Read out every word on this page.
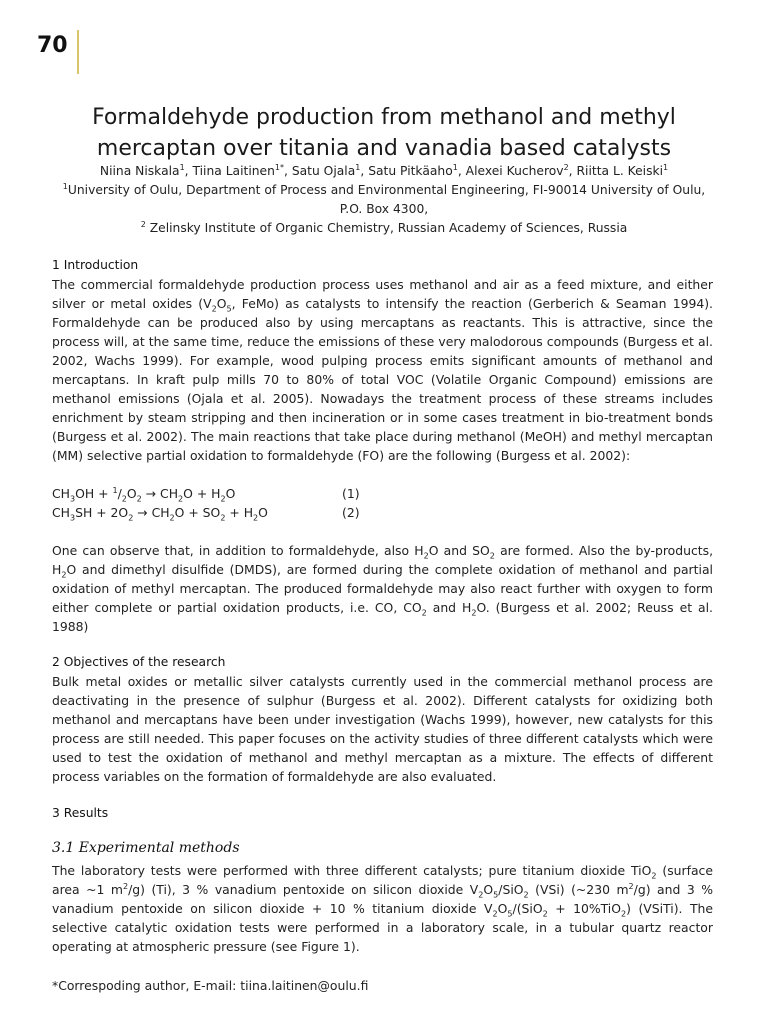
70
Formaldehyde production from methanol and methyl
mercaptan over titania and vanadia based catalysts
Niina Niskala$^1$, Tiina Laitinen$^{1*}$, Satu Ojala$^1$, Satu Pitkäaho$^1$, Alexei Kucherov$^2$, Riitta L. Keiski$^1$
$^1$University of Oulu, Department of Process and Environmental Engineering, FI-90014 University of Oulu, P.O. Box 4300,
$^2$ Zelinsky Institute of Organic Chemistry, Russian Academy of Sciences, Russia
1 Introduction
The commercial formaldehyde production process uses methanol and air as a feed mixture, and either silver or metal oxides ($V_2O_5$, FeMo) as catalysts to intensify the reaction (Gerberich & Seaman 1994). Formaldehyde can be produced also by using mercaptans as reactants. This is attractive, since the process will, at the same time, reduce the emissions of these very malodorous compounds (Burgess et al. 2002, Wachs 1999). For example, wood pulping process emits significant amounts of methanol and mercaptans. In kraft pulp mills 70 to 80% of total VOC (Volatile Organic Compound) emissions are methanol emissions (Ojala et al. 2005). Nowadays the treatment process of these streams includes enrichment by steam stripping and then incineration or in some cases treatment in bio-treatment bonds (Burgess et al. 2002). The main reactions that take place during methanol (MeOH) and methyl mercaptan (MM) selective partial oxidation to formaldehyde (FO) are the following (Burgess et al. 2002):
$CH_3OH + ^1/_2O_2 \to CH_2O + H_2O$	(1)
$CH_3SH + 2O_2 \to CH_2O + SO_2 + H_2O$	(2)
One can observe that, in addition to formaldehyde, also $H_2O$ and $SO_2$ are formed. Also the by-products, $H_2O$ and dimethyl disulfide (DMDS), are formed during the complete oxidation of methanol and partial oxidation of methyl mercaptan. The produced formaldehyde may also react further with oxygen to form either complete or partial oxidation products, i.e. CO, $CO_2$ and $H_2O$. (Burgess et al. 2002; Reuss et al. 1988)
2 Objectives of the research
Bulk metal oxides or metallic silver catalysts currently used in the commercial methanol process are deactivating in the presence of sulphur (Burgess et al. 2002). Different catalysts for oxidizing both methanol and mercaptans have been under investigation (Wachs 1999), however, new catalysts for this process are still needed. This paper focuses on the activity studies of three different catalysts which were used to test the oxidation of methanol and methyl mercaptan as a mixture. The effects of different process variables on the formation of formaldehyde are also evaluated.
3 Results
3.1 Experimental methods
The laboratory tests were performed with three different catalysts; pure titanium dioxide TiO$_2$ (surface area ~1 $m^2/g$) (Ti), 3 % vanadium pentoxide on silicon dioxide $V_2O_5/SiO_2$ (VSi) (~230 $m^2/g$) and 3 % vanadium pentoxide on silicon dioxide + 10 % titanium dioxide $V_2O_5/(SiO_2 + 10\%TiO_2)$ (VSiTi). The selective catalytic oxidation tests were performed in a laboratory scale, in a tubular quartz reactor operating at atmospheric pressure (see Figure 1).
*Correspoding author, E-mail: tiina.laitinen@oulu.fi
